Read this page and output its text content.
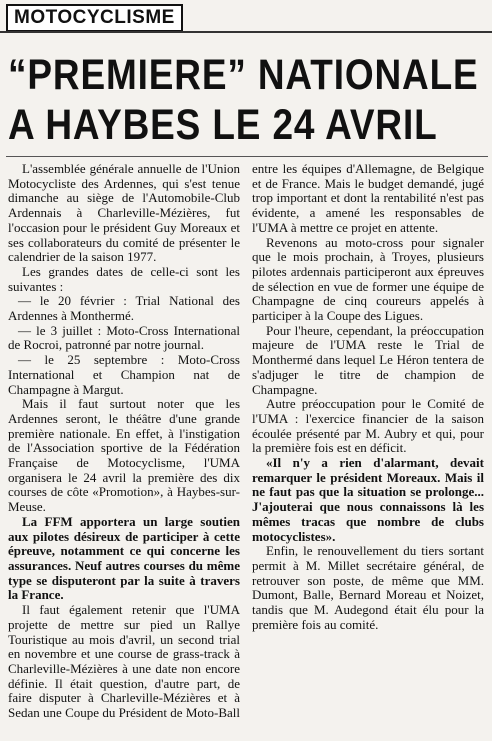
MOTOCYCLISME
“PREMIERE” NATIONALE
A HAYBES LE 24 AVRIL

L'assemblée générale annuelle de l'Union Motocycliste des Ardennes, qui s'est tenue dimanche au siège de l'Automobile-Club Ardennais à Charleville-Mézières, fut l'occasion pour le président Guy Moreaux et ses collaborateurs du comité de présenter le calendrier de la saison 1977.

Les grandes dates de celle-ci sont les suivantes :

— le 20 février : Trial National des Ardennes à Monthermé.

— le 3 juillet : Moto-Cross International de Rocroi, patronné par notre journal.

— le 25 septembre : Moto-Cross International et Champion nat de Champagne à Margut.

Mais il faut surtout noter que les Ardennes seront, le théâtre d'une grande première nationale. En effet, à l'instigation de l'Association sportive de la Fédération Française de Motocyclisme, l'UMA organisera le 24 avril la première des dix courses de côte «Promotion», à Haybes-sur-Meuse.

La FFM apportera un large soutien aux pilotes désireux de participer à cette épreuve, notamment ce qui concerne les assurances. Neuf autres courses du même type se disputeront par la suite à travers la France.

Il faut également retenir que l'UMA projette de mettre sur pied un Rallye Touristique au mois d'avril, un second trial en novembre et une course de grass-track à Charleville-Mézières à une date non encore définie. Il était question, d'autre part, de faire disputer à Charleville-Mézières et à Sedan une Coupe du Président de Moto-Ball entre les équipes d'Allemagne, de Belgique et de France. Mais le budget demandé, jugé trop important et dont la rentabilité n'est pas évidente, a amené les responsables de l'UMA à mettre ce projet en attente.

Revenons au moto-cross pour signaler que le mois prochain, à Troyes, plusieurs pilotes ardennais participeront aux épreuves de sélection en vue de former une équipe de Champagne de cinq coureurs appelés à participer à la Coupe des Ligues.

Pour l'heure, cependant, la préoccupation majeure de l'UMA reste le Trial de Monthermé dans lequel Le Héron tentera de s'adjuger le titre de champion de Champagne.

Autre préoccupation pour le Comité de l'UMA : l'exercice financier de la saison écoulée présenté par M. Aubry et qui, pour la première fois est en déficit.

«Il n'y a rien d'alarmant, devait remarquer le président Moreaux. Mais il ne faut pas que la situation se prolonge... J'ajouterai que nous connaissons là les mêmes tracas que nombre de clubs motocyclistes».

Enfin, le renouvellement du tiers sortant permit à M. Millet secrétaire général, de retrouver son poste, de même que MM. Dumont, Balle, Bernard Moreau et Noizet, tandis que M. Audegond était élu pour la première fois au comité.
